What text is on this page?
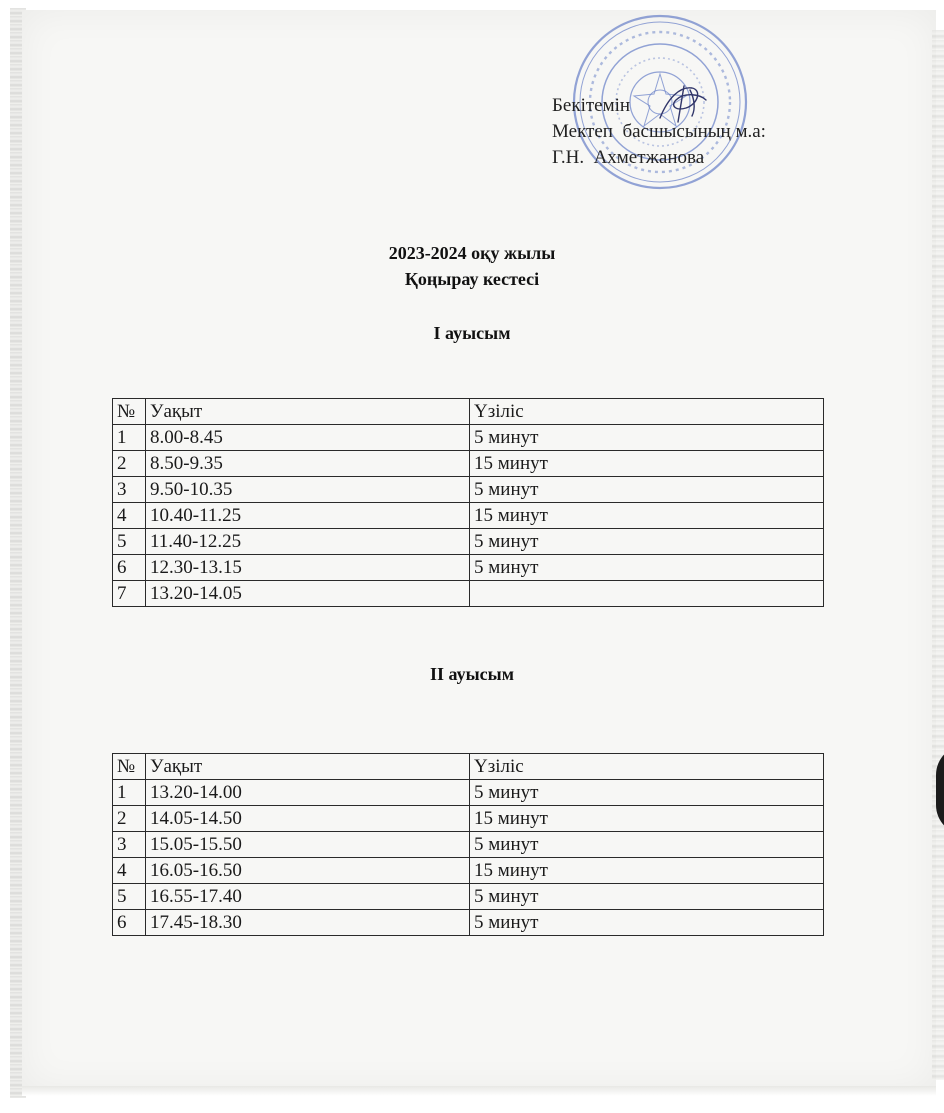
Бекітемін
Мектеп  басшысының м.а:
Г.Н.  Ахметжанова
2023-2024 оқу жылы
Қоңырау кестесі
I ауысым
№	Уақыт	Үзіліс
1	8.00-8.45	5 минут
2	8.50-9.35	15 минут
3	9.50-10.35	5 минут
4	10.40-11.25	15 минут
5	11.40-12.25	5 минут
6	12.30-13.15	5 минут
7	13.20-14.05	
II ауысым
№	Уақыт	Үзіліс
1	13.20-14.00	5 минут
2	14.05-14.50	15 минут
3	15.05-15.50	5 минут
4	16.05-16.50	15 минут
5	16.55-17.40	5 минут
6	17.45-18.30	5 минут
